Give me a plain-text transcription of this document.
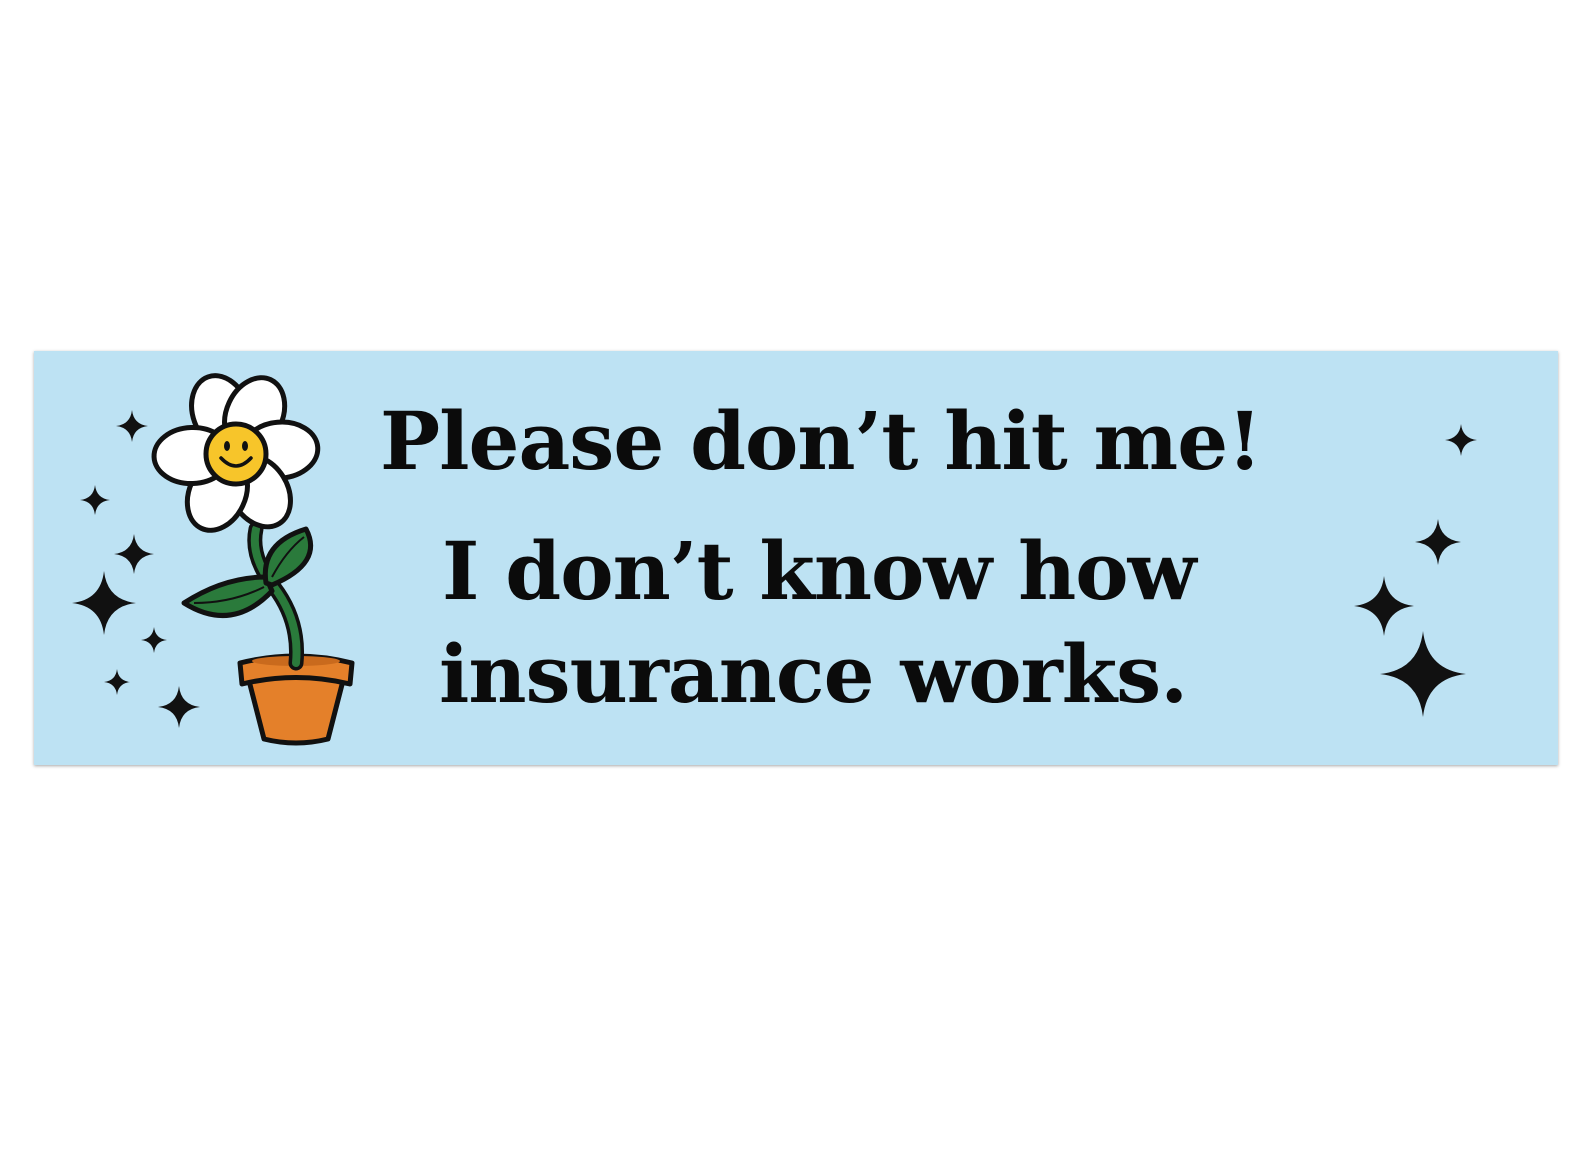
Please don’t hit me!

I don’t know how

insurance works.
